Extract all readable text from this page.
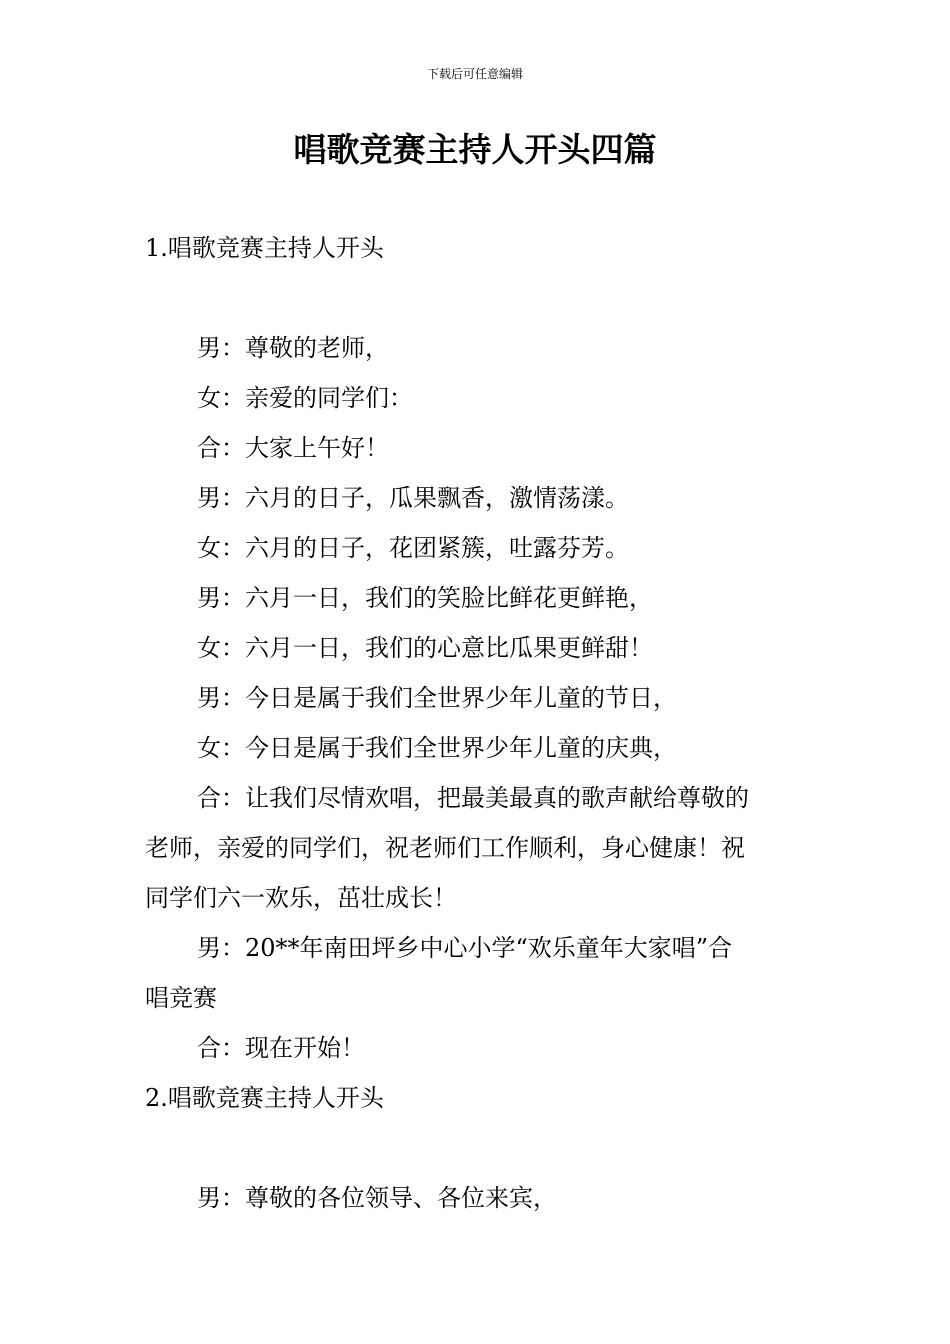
下载后可任意编辑
唱歌竞赛主持人开头四篇
1.唱歌竞赛主持人开头
男：尊敬的老师，
女：亲爱的同学们：
合：大家上午好！
男：六月的日子，瓜果飘香，激情荡漾。
女：六月的日子，花团紧簇，吐露芬芳。
男：六月一日，我们的笑脸比鲜花更鲜艳，
女：六月一日，我们的心意比瓜果更鲜甜！
男：今日是属于我们全世界少年儿童的节日，
女：今日是属于我们全世界少年儿童的庆典，
合：让我们尽情欢唱，把最美最真的歌声献给尊敬的
老师，亲爱的同学们，祝老师们工作顺利，身心健康！祝
同学们六一欢乐，茁壮成长！
男：20**年南田坪乡中心小学“欢乐童年大家唱”合
唱竞赛
合：现在开始！
2.唱歌竞赛主持人开头
男：尊敬的各位领导、各位来宾，
